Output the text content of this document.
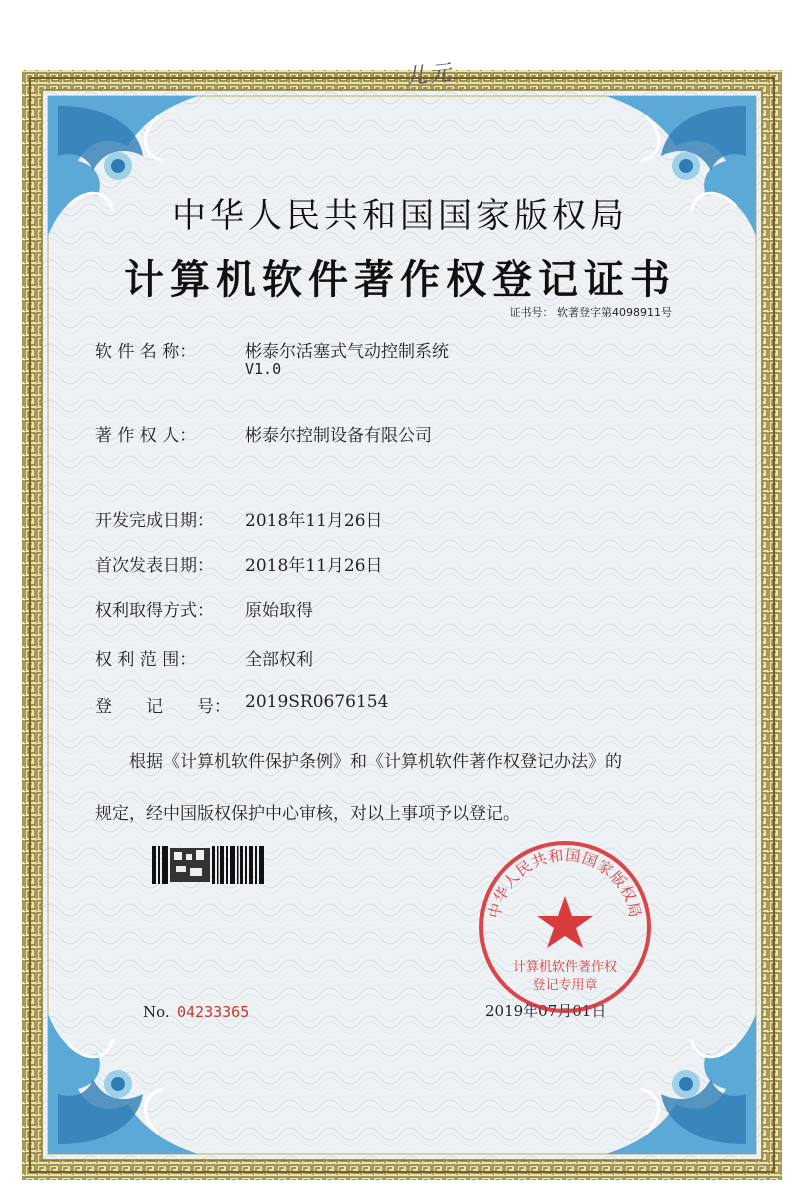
儿元
中华人民共和国国家版权局
计算机软件著作权登记证书
证书号： 软著登字第4098911号
软 件 名 称：	彬泰尔活塞式气动控制系统
V1.0
著 作 权 人：	彬泰尔控制设备有限公司
开发完成日期： 2018年11月26日
首次发表日期： 2018年11月26日
权利取得方式： 原始取得
权 利 范 围：	全部权利
登　　记　　号： 2019SR0676154
　　根据《计算机软件保护条例》和《计算机软件著作权登记办法》的
规定，经中国版权保护中心审核，对以上事项予以登记。
No. 04233365	2019年07月01日
中华人民共和国国家版权局
计算机软件著作权
登记专用章
